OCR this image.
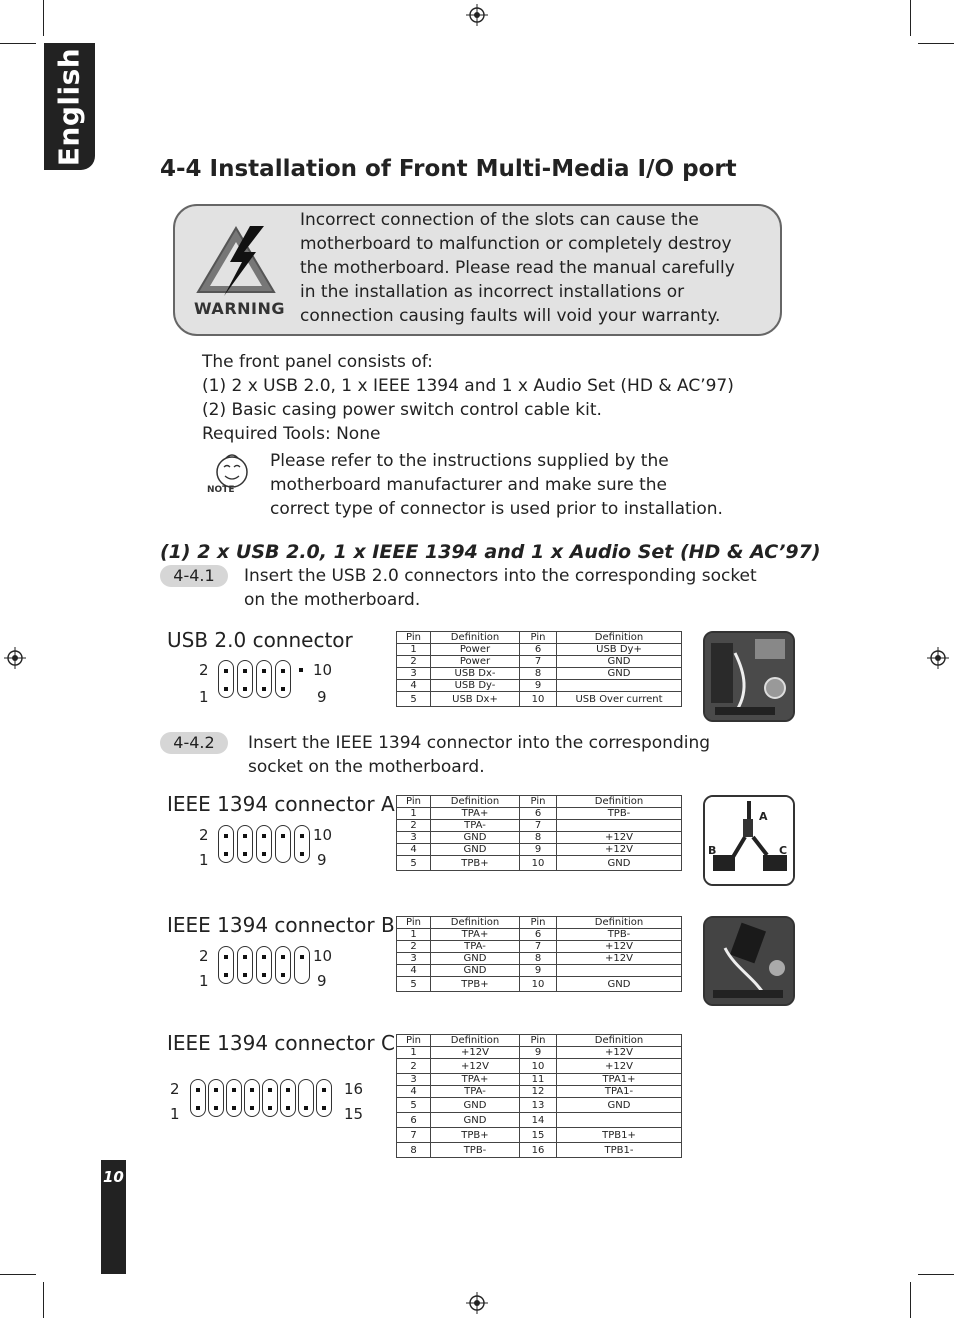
English
10
4-4 Installation of Front Multi-Media I/O port
WARNING
Incorrect connection of the slots can cause the
motherboard to malfunction or completely destroy
the motherboard. Please read the manual carefully
in the installation as incorrect installations or
connection causing faults will void your warranty.
The front panel consists of:
(1) 2 x USB 2.0, 1 x IEEE 1394 and 1 x Audio Set (HD & AC’97)
(2) Basic casing power switch control cable kit.
Required Tools: None
NOTE
Please refer to the instructions supplied by the
motherboard manufacturer and make sure the
correct type of connector is used prior to installation.
(1) 2 x USB 2.0, 1 x IEEE 1394 and 1 x Audio Set (HD & AC’97)
4-4.1	Insert the USB 2.0 connectors into the corresponding socket
on the motherboard.
USB 2.0 connector
2
1
10
9
Pin	Definition	Pin	Definition
1	Power	6	USB Dy+
2	Power	7	GND
3	USB Dx-	8	GND
4	USB Dy-	9	
5	USB Dx+	10	USB Over current
4-4.2	Insert the IEEE 1394 connector into the corresponding
socket on the motherboard.
IEEE 1394 connector A
2
1
10
9
Pin	Definition	Pin	Definition
1	TPA+	6	TPB-
2	TPA-	7	
3	GND	8	+12V
4	GND	9	+12V
5	TPB+	10	GND
A
B	C
IEEE 1394 connector B
2
1
10
9
Pin	Definition	Pin	Definition
1	TPA+	6	TPB-
2	TPA-	7	+12V
3	GND	8	+12V
4	GND	9	
5	TPB+	10	GND
IEEE 1394 connector C
2
1
16
15
Pin	Definition	Pin	Definition
1	+12V	9	+12V
2	+12V	10	+12V
3	TPA+	11	TPA1+
4	TPA-	12	TPA1-
5	GND	13	GND
6	GND	14	
7	TPB+	15	TPB1+
8	TPB-	16	TPB1-
